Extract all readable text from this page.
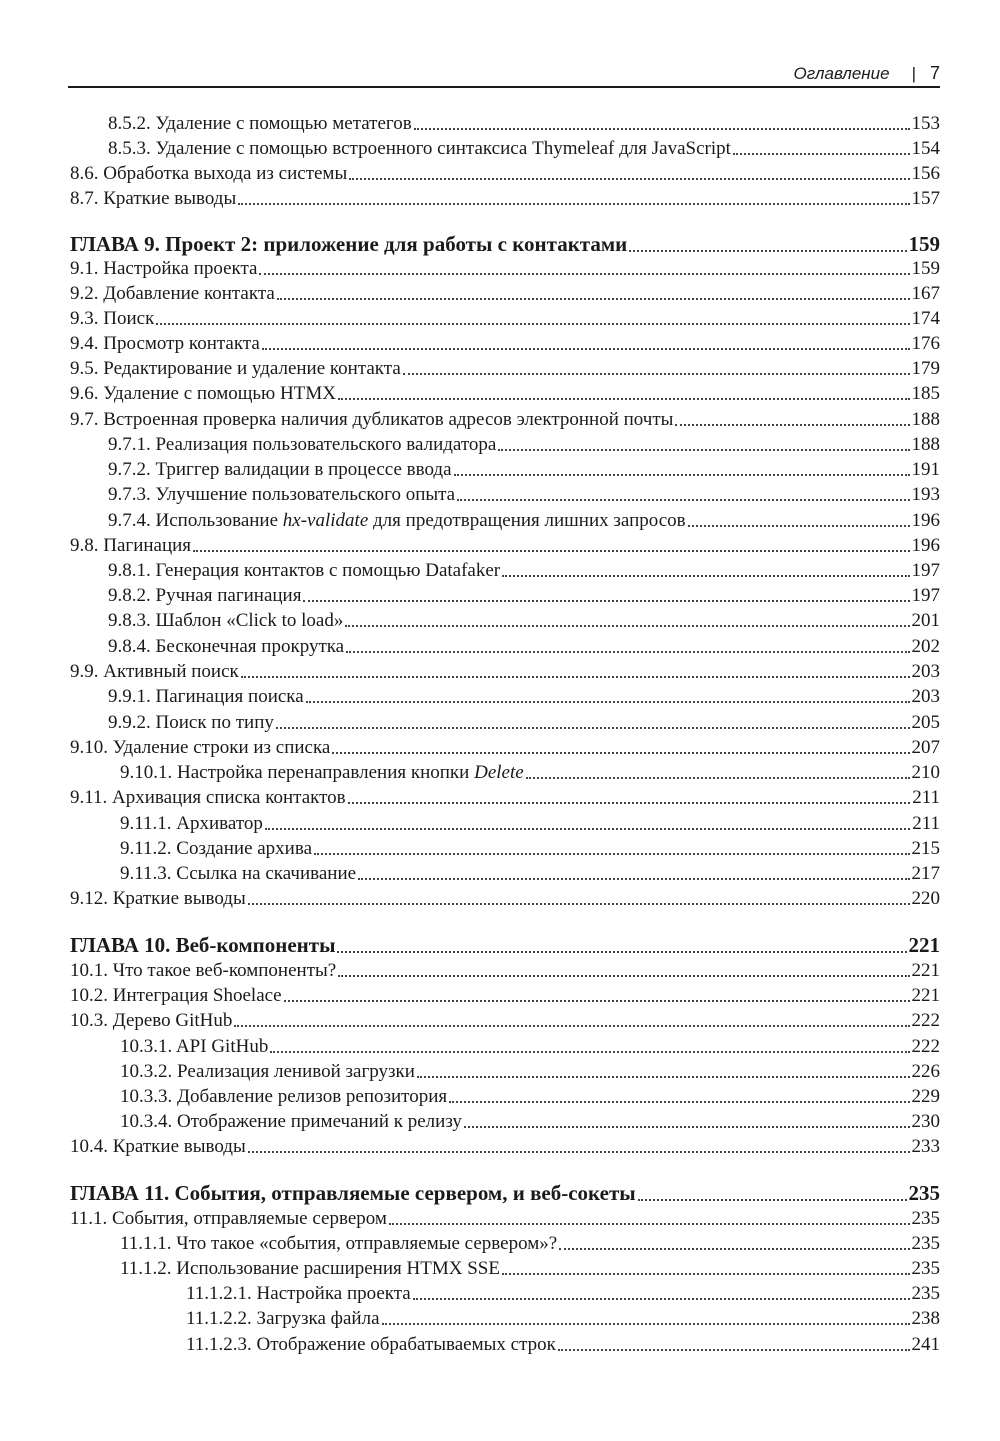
Оглавление | 7
8.5.2. Удаление с помощью метатегов	153
8.5.3. Удаление с помощью встроенного синтаксиса Thymeleaf для JavaScript	154
8.6. Обработка выхода из системы	156
8.7. Краткие выводы	157
ГЛАВА 9. Проект 2: приложение для работы с контактами	159
9.1. Настройка проекта	159
9.2. Добавление контакта	167
9.3. Поиск	174
9.4. Просмотр контакта	176
9.5. Редактирование и удаление контакта	179
9.6. Удаление с помощью HTMX	185
9.7. Встроенная проверка наличия дубликатов адресов электронной почты	188
9.7.1. Реализация пользовательского валидатора	188
9.7.2. Триггер валидации в процессе ввода	191
9.7.3. Улучшение пользовательского опыта	193
9.7.4. Использование hx-validate для предотвращения лишних запросов	196
9.8. Пагинация	196
9.8.1. Генерация контактов с помощью Datafaker	197
9.8.2. Ручная пагинация	197
9.8.3. Шаблон «Click to load»	201
9.8.4. Бесконечная прокрутка	202
9.9. Активный поиск	203
9.9.1. Пагинация поиска	203
9.9.2. Поиск по типу	205
9.10. Удаление строки из списка	207
9.10.1. Настройка перенаправления кнопки Delete	210
9.11. Архивация списка контактов	211
9.11.1. Архиватор	211
9.11.2. Создание архива	215
9.11.3. Ссылка на скачивание	217
9.12. Краткие выводы	220
ГЛАВА 10. Веб-компоненты	221
10.1. Что такое веб-компоненты?	221
10.2. Интеграция Shoelace	221
10.3. Дерево GitHub	222
10.3.1. API GitHub	222
10.3.2. Реализация ленивой загрузки	226
10.3.3. Добавление релизов репозитория	229
10.3.4. Отображение примечаний к релизу	230
10.4. Краткие выводы	233
ГЛАВА 11. События, отправляемые сервером, и веб-сокеты	235
11.1. События, отправляемые сервером	235
11.1.1. Что такое «события, отправляемые сервером»?	235
11.1.2. Использование расширения HTMX SSE	235
11.1.2.1. Настройка проекта	235
11.1.2.2. Загрузка файла	238
11.1.2.3. Отображение обрабатываемых строк	241
